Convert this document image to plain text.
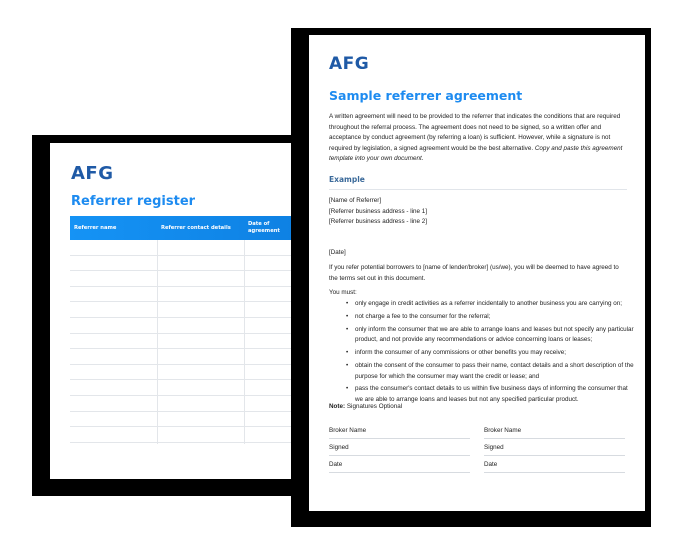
AFG
Referrer register
Referrer name	Referrer contact details
Date of
agreement
AFG
Sample referrer agreement
A written agreement will need to be provided to the referrer that indicates the conditions that are required throughout the referral process. The agreement does not need to be signed, so a written offer and acceptance by conduct agreement (by referring a loan) is sufficient. However, while a signature is not required by legislation, a signed agreement would be the best alternative. Copy and paste this agreement template into your own document.
Example
[Name of Referrer]
[Referrer business address - line 1]
[Referrer business address - line 2]
[Date]
If you refer potential borrowers to [name of lender/broker] (us/we), you will be deemed to have agreed to the terms set out in this document.
You must:
• only engage in credit activities as a referrer incidentally to another business you are carrying on;
• not charge a fee to the consumer for the referral;
• only inform the consumer that we are able to arrange loans and leases but not specify any particular product, and not provide any recommendations or advice concerning loans or leases;
• inform the consumer of any commissions or other benefits you may receive;
• obtain the consent of the consumer to pass their name, contact details and a short description of the purpose for which the consumer may want the credit or lease; and
• pass the consumer's contact details to us within five business days of informing the consumer that we are able to arrange loans and leases but not any specified particular product.
Note: Signatures Optional
Broker Name
Signed
Date
Broker Name
Signed
Date
